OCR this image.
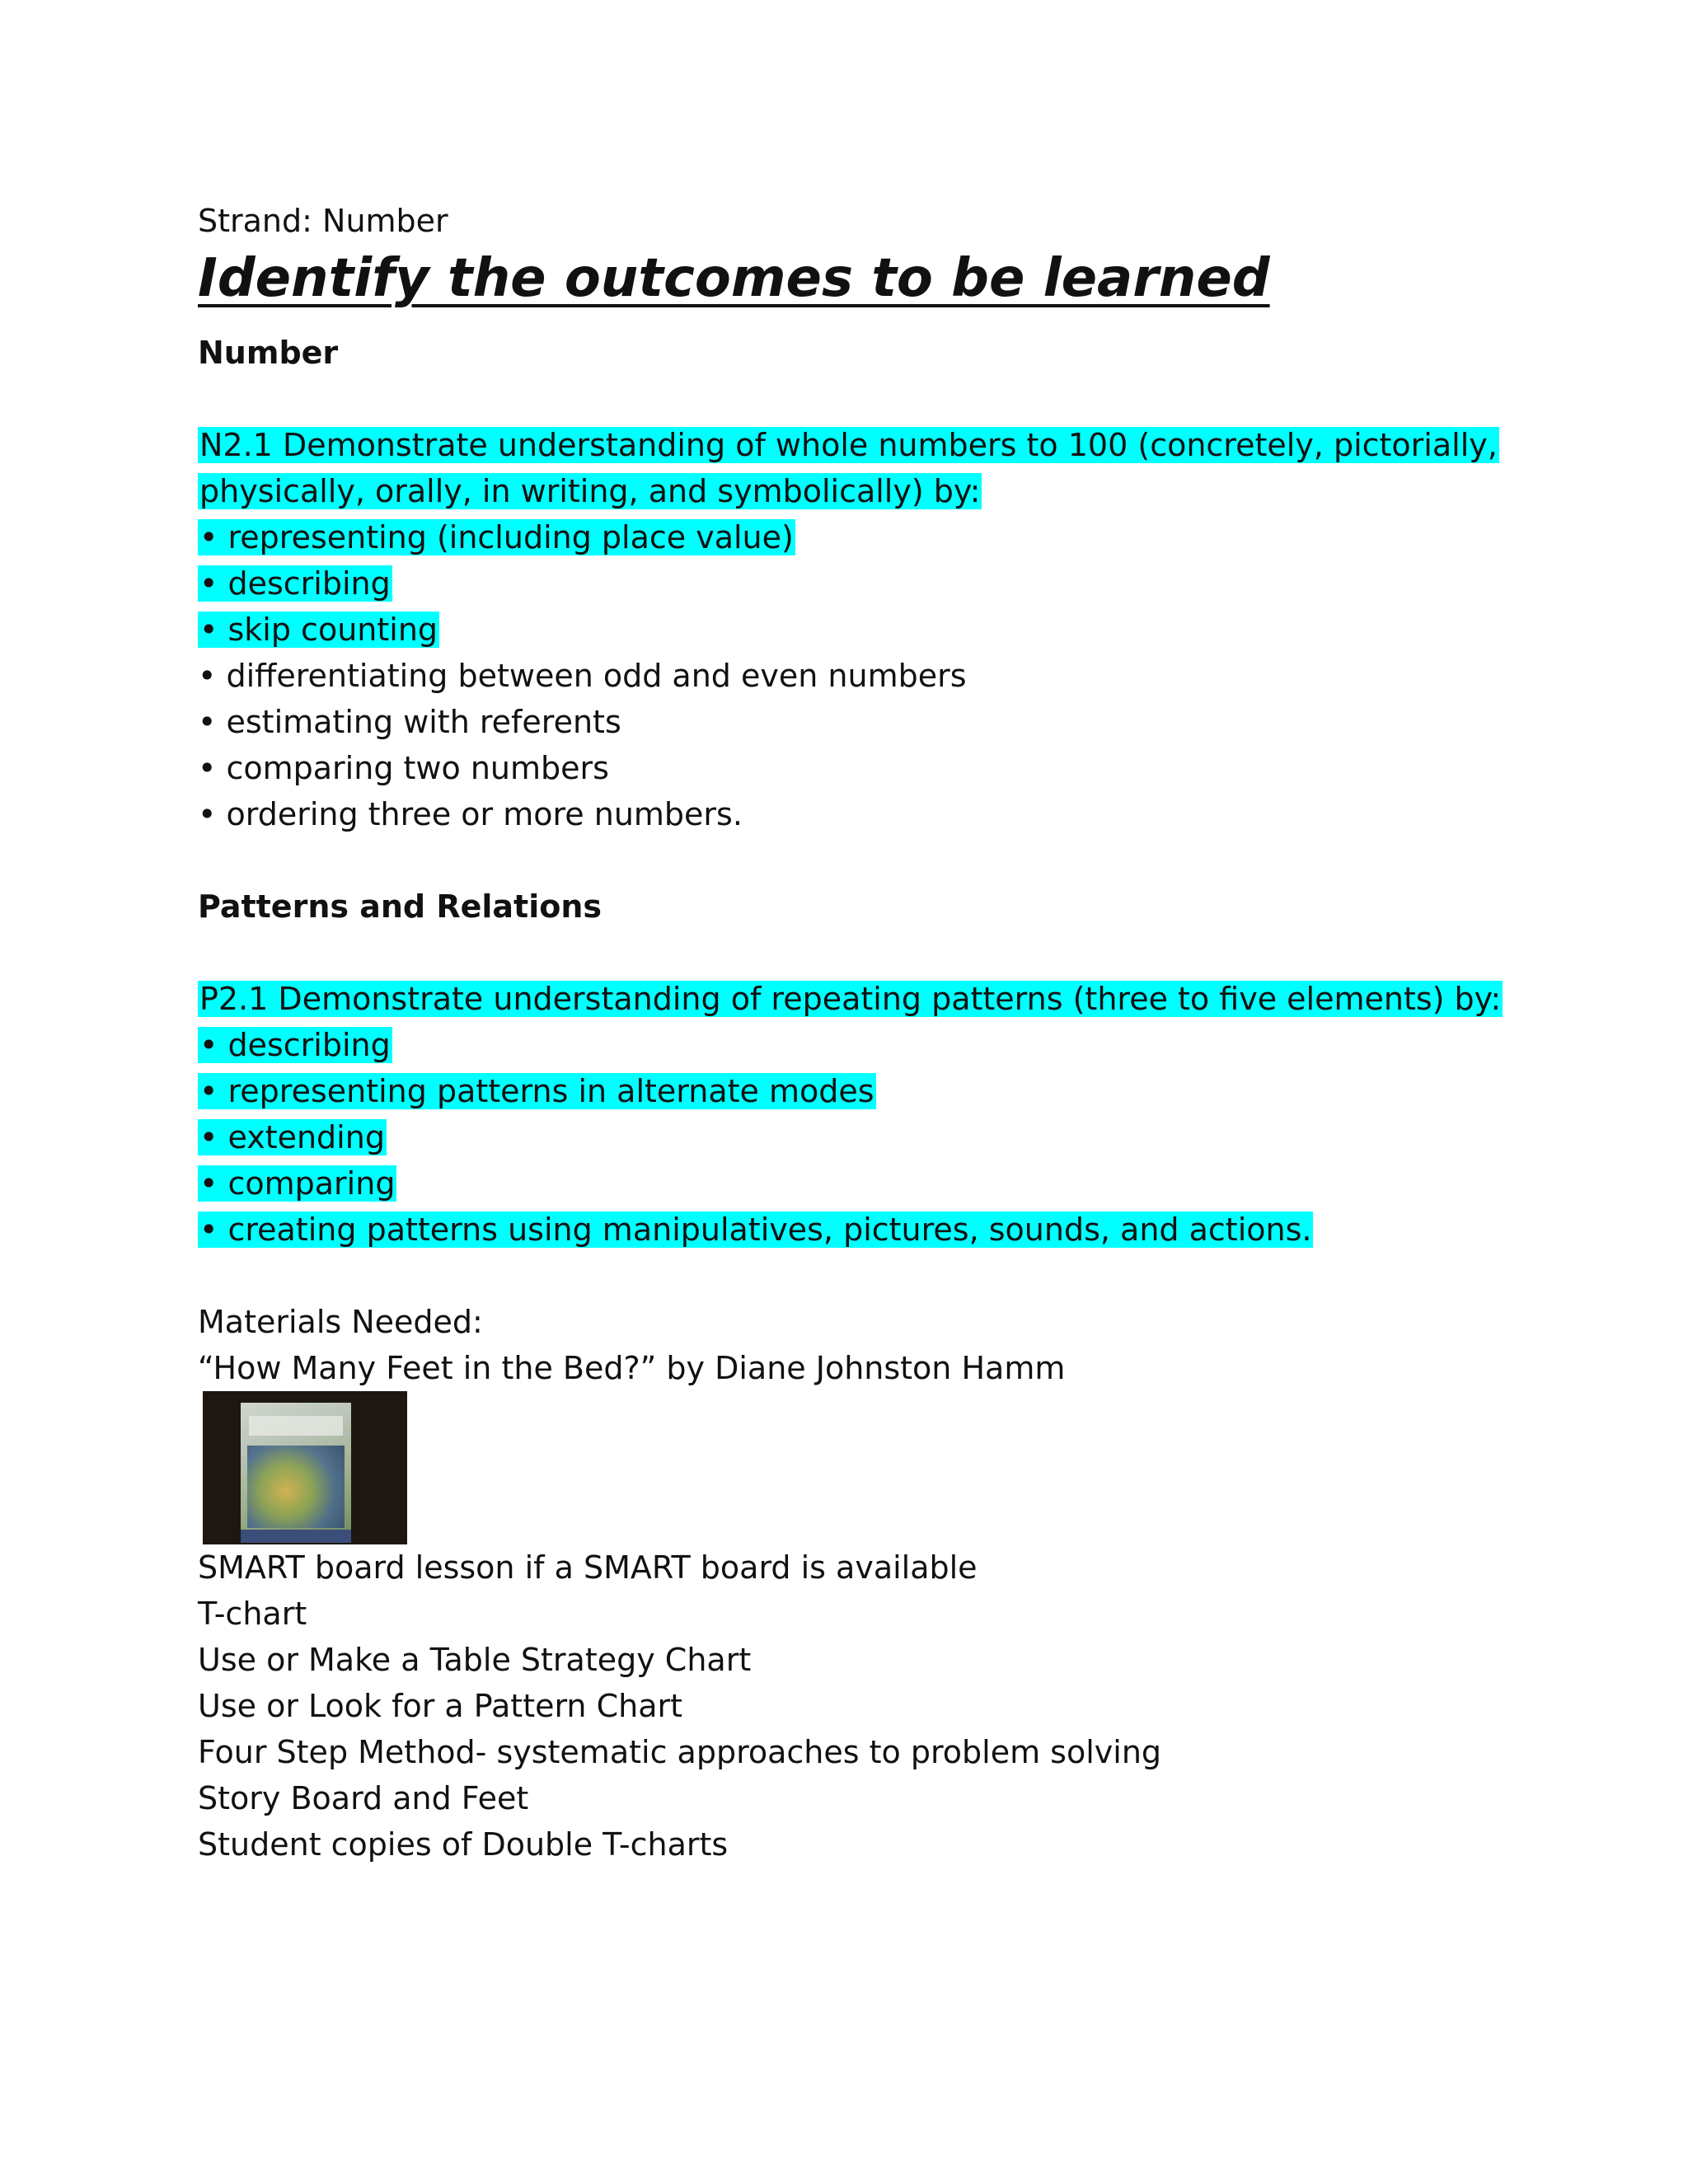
Strand: Number
Identify the outcomes to be learned
Number
N2.1 Demonstrate understanding of whole numbers to 100 (concretely, pictorially,
physically, orally, in writing, and symbolically) by:
• representing (including place value)
• describing
• skip counting
• differentiating between odd and even numbers
• estimating with referents
• comparing two numbers
• ordering three or more numbers.
Patterns and Relations
P2.1 Demonstrate understanding of repeating patterns (three to five elements) by:
• describing
• representing patterns in alternate modes
• extending
• comparing
• creating patterns using manipulatives, pictures, sounds, and actions.
Materials Needed:
“How Many Feet in the Bed?” by Diane Johnston Hamm
SMART board lesson if a SMART board is available
T-chart
Use or Make a Table Strategy Chart
Use or Look for a Pattern Chart
Four Step Method- systematic approaches to problem solving
Story Board and Feet
Student copies of Double T-charts
